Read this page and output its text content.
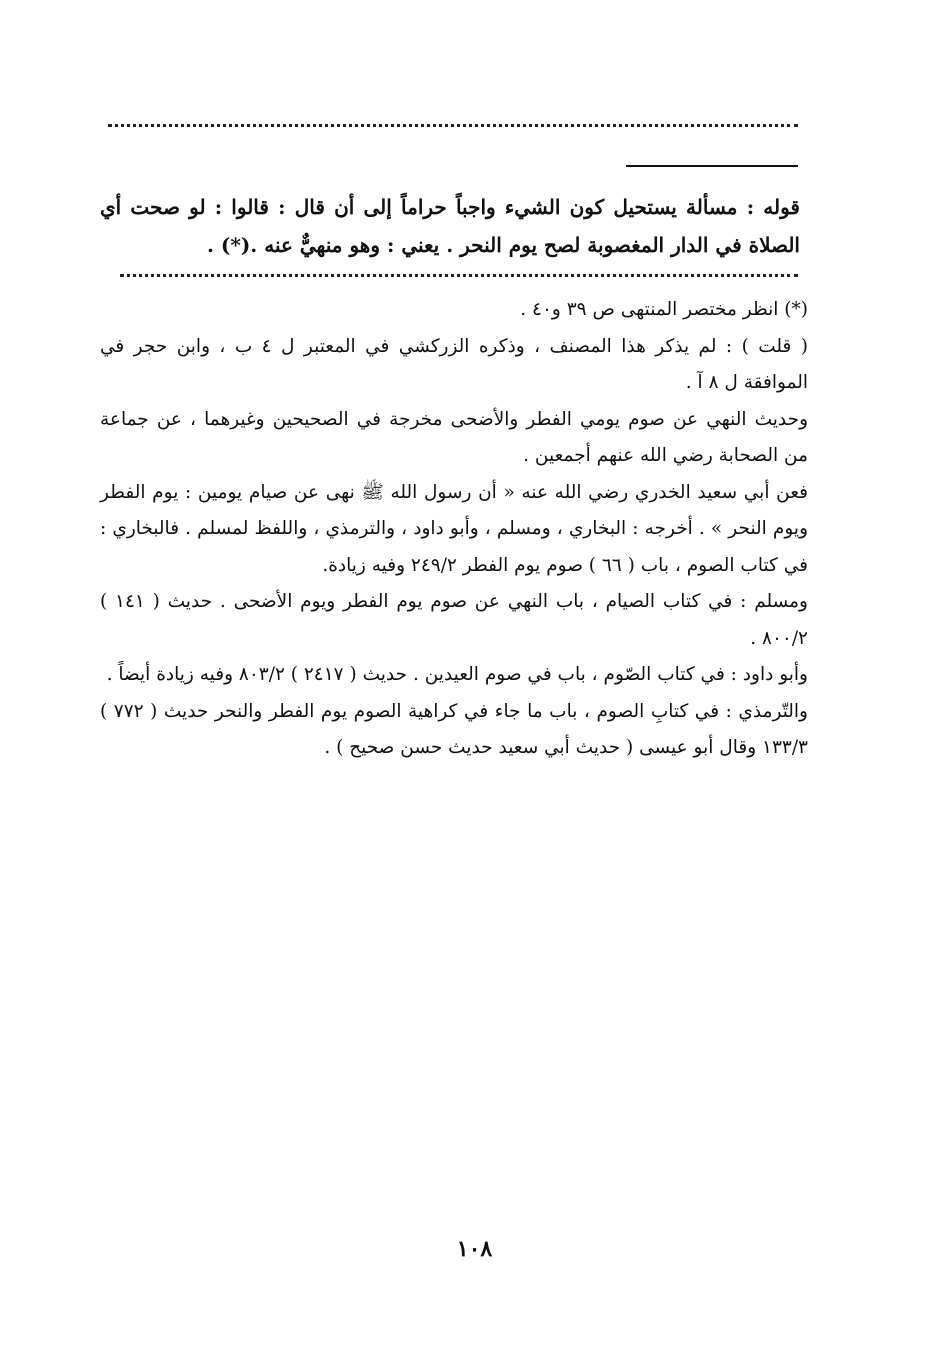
قوله : مسألة يستحيل كون الشيء واجباً حراماً إلى أن قال : قالوا : لو صحت أي الصلاة في الدار المغصوبة لصح يوم النحر . يعني : وهو منهيٌّ عنه .(*) .

(*) انظر مختصر المنتهى ص ٣٩ و٤٠ .

( قلت ) : لم يذكر هذا المصنف ، وذكره الزركشي في المعتبر ل ٤ ب ، وابن حجر في الموافقة ل ٨ آ .

وحديث النهي عن صوم يومي الفطر والأضحى مخرجة في الصحيحين وغيرهما ، عن جماعة من الصحابة رضي الله عنهم أجمعين .

فعن أبي سعيد الخدري رضي الله عنه « أن رسول الله ﷺ نهى عن صيام يومين : يوم الفطر ويوم النحر » . أخرجه : البخاري ، ومسلم ، وأبو داود ، والترمذي ، واللفظ لمسلم . فالبخاري : في كتاب الصوم ، باب ( ٦٦ ) صوم يوم الفطر ٢٤٩/٢ وفيه زيادة.

ومسلم : في كتاب الصيام ، باب النهي عن صوم يوم الفطر ويوم الأضحى . حديث ( ١٤١ ) ٨٠٠/٢ .

وأبو داود : في كتاب الصّوم ، باب في صوم العيدين . حديث ( ٢٤١٧ ) ٨٠٣/٢ وفيه زيادة أيضاً .

والتّرمذي : في كتابِ الصوم ، باب ما جاء في كراهية الصوم يوم الفطر والنحر حديث ( ٧٧٢ ) ١٣٣/٣ وقال أبو عيسى ( حديث أبي سعيد حديث حسن صحيح ) .

١٠٨
